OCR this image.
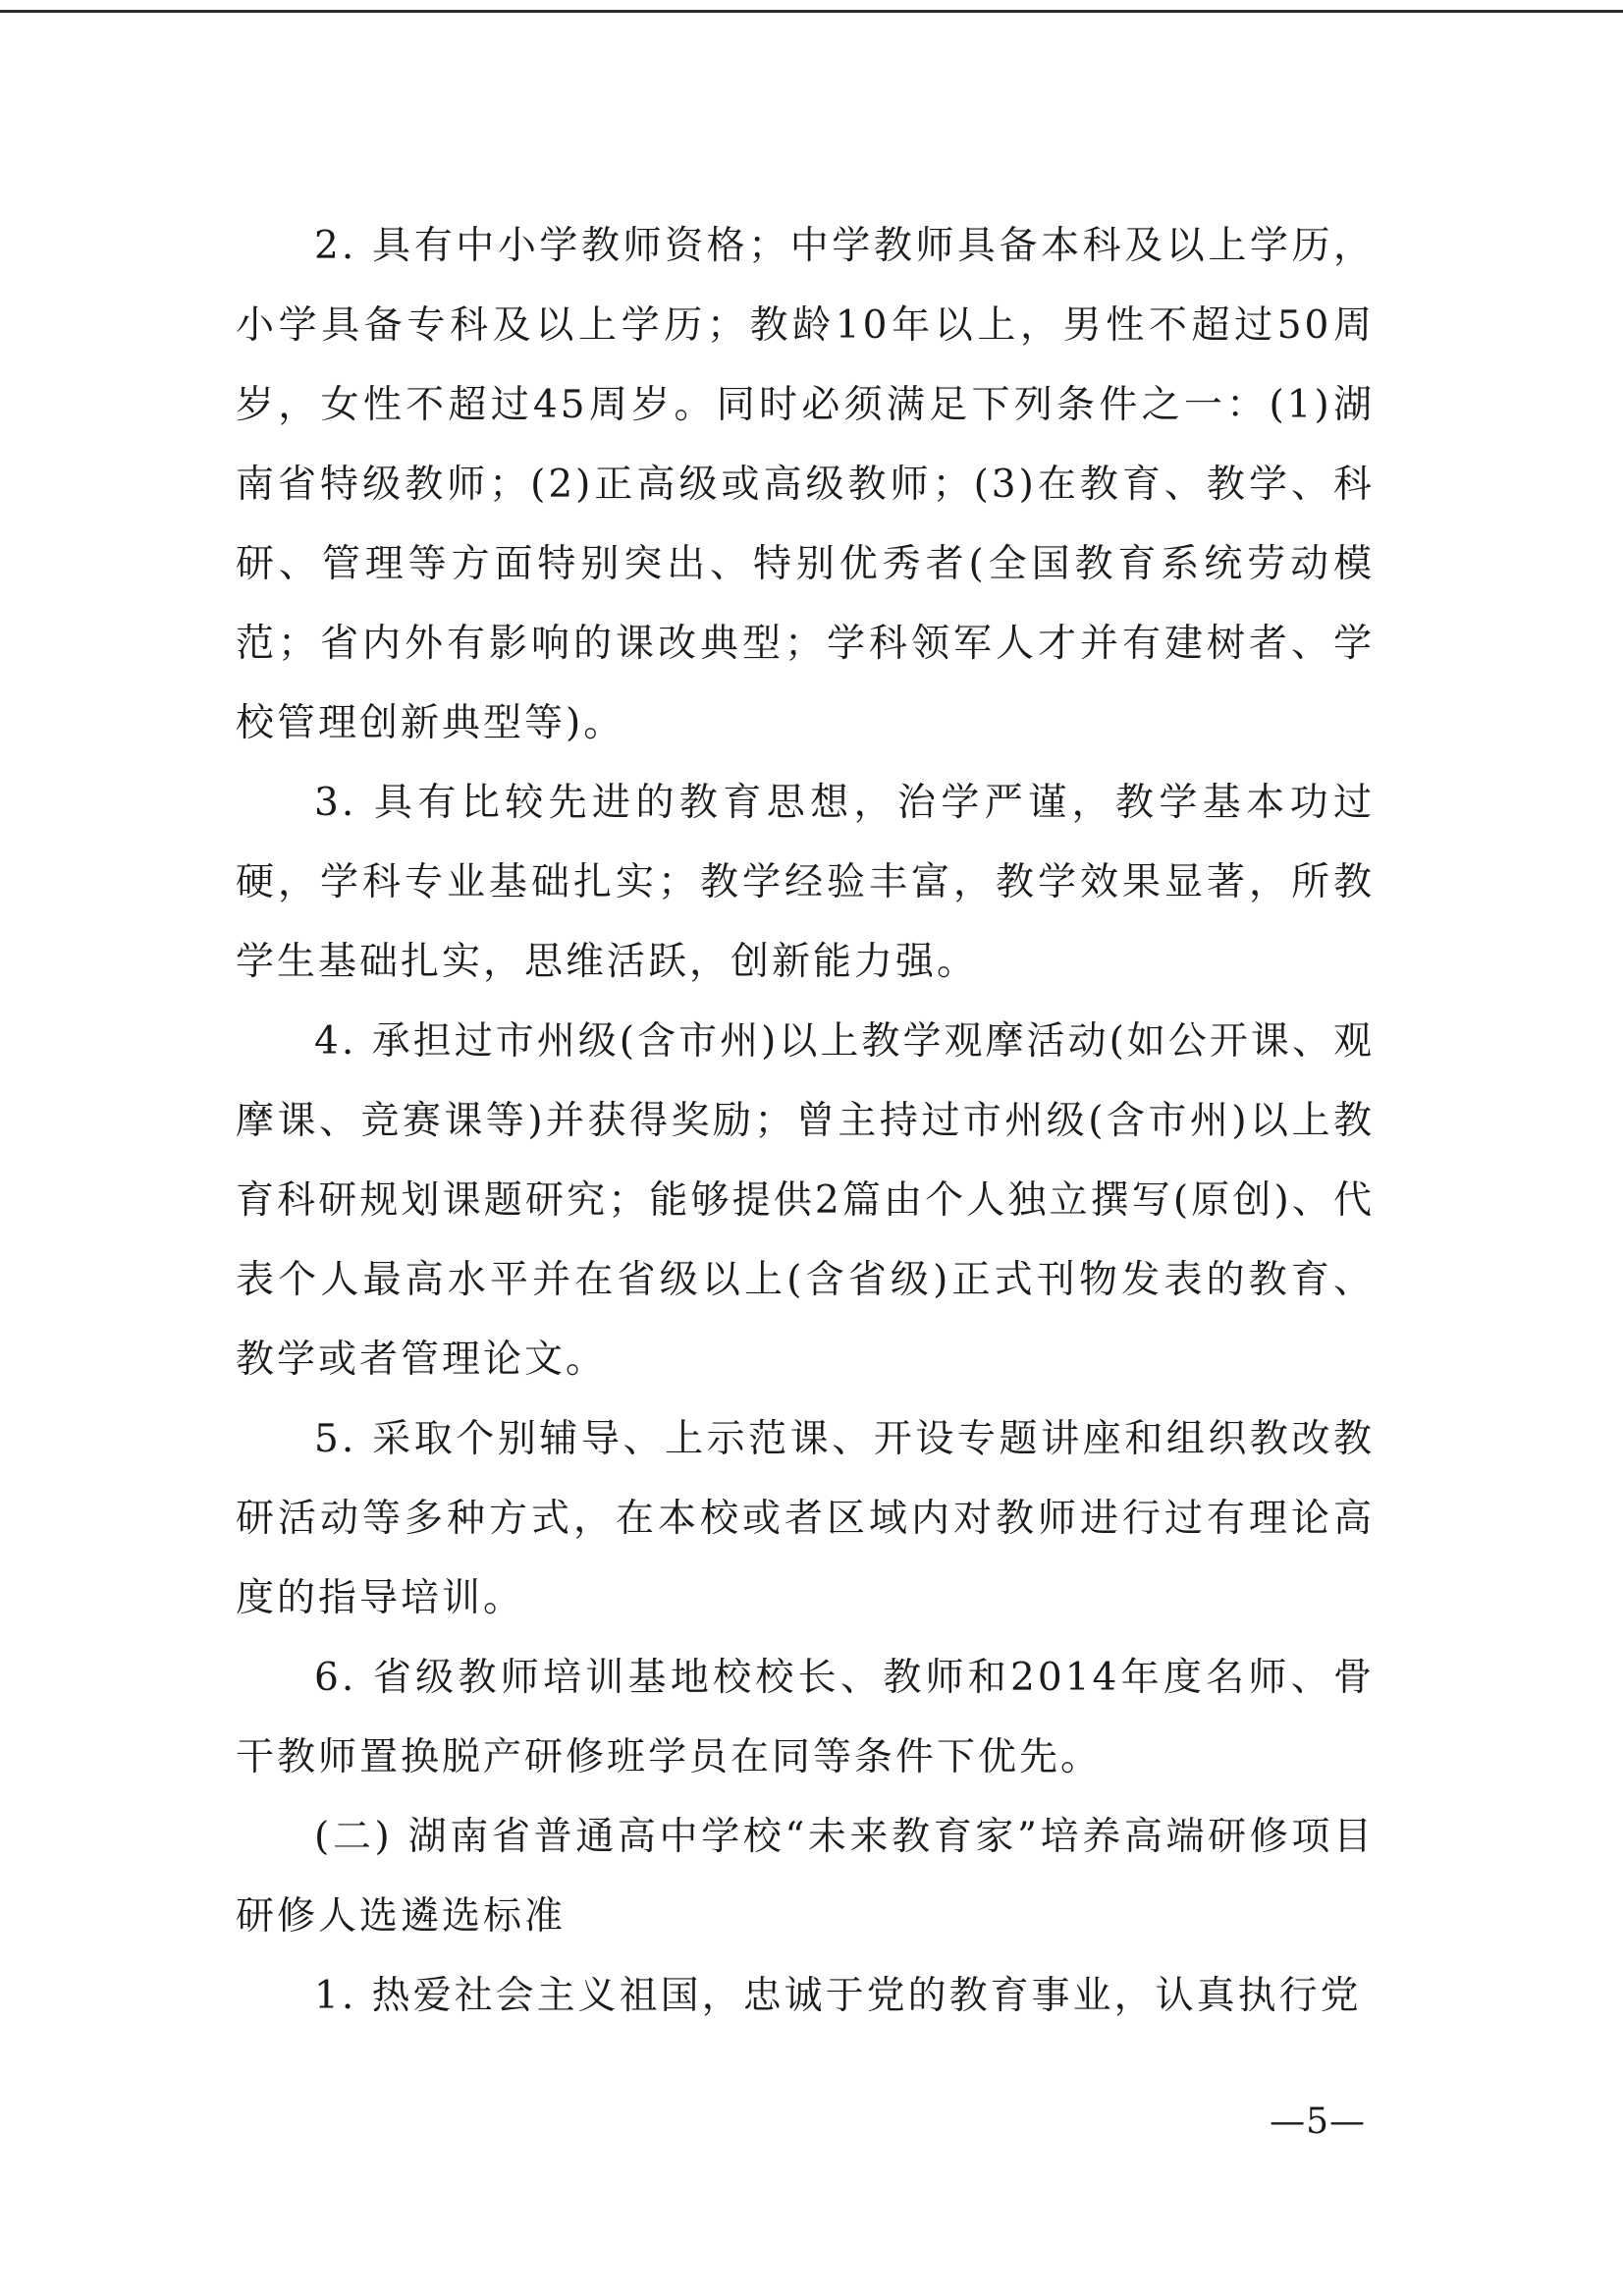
2. 具有中小学教师资格；中学教师具备本科及以上学历，小学具备专科及以上学历；教龄10年以上，男性不超过50周岁，女性不超过45周岁。同时必须满足下列条件之一：(1)湖南省特级教师；(2)正高级或高级教师；(3)在教育、教学、科研、管理等方面特别突出、特别优秀者(全国教育系统劳动模范；省内外有影响的课改典型；学科领军人才并有建树者、学校管理创新典型等)。

3. 具有比较先进的教育思想，治学严谨，教学基本功过硬，学科专业基础扎实；教学经验丰富，教学效果显著，所教学生基础扎实，思维活跃，创新能力强。

4. 承担过市州级(含市州)以上教学观摩活动(如公开课、观摩课、竞赛课等)并获得奖励；曾主持过市州级(含市州)以上教育科研规划课题研究；能够提供2篇由个人独立撰写(原创)、代表个人最高水平并在省级以上(含省级)正式刊物发表的教育、教学或者管理论文。

5. 采取个别辅导、上示范课、开设专题讲座和组织教改教研活动等多种方式，在本校或者区域内对教师进行过有理论高度的指导培训。

6. 省级教师培训基地校校长、教师和2014年度名师、骨干教师置换脱产研修班学员在同等条件下优先。

(二) 湖南省普通高中学校“未来教育家”培养高端研修项目研修人选遴选标准

1. 热爱社会主义祖国，忠诚于党的教育事业，认真执行党

—5—
